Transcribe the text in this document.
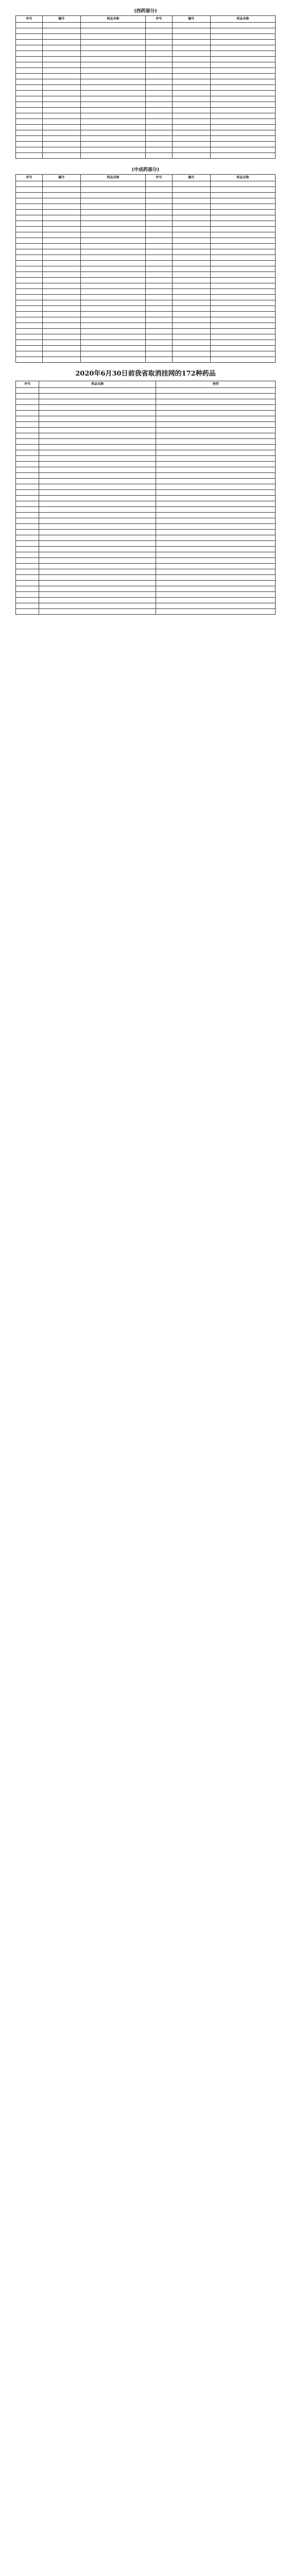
(西药部分)
序号	编号	药品名称	序号	编号	药品名称

(中成药部分)
序号	编号	药品名称	序号	编号	药品名称

2020年6月30日前我省取消挂网的172种药品
序号	药品名称	剂型
